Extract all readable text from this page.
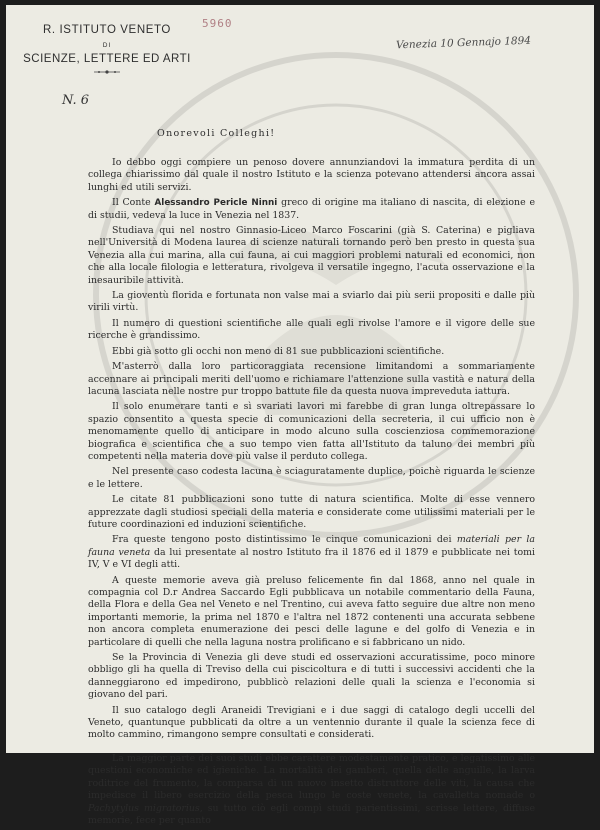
R. ISTITUTO VENETO
DI
SCIENZE, LETTERE ED ARTI
5960
Venezia 10 Gennajo 1894
N. 6
Onorevoli Colleghi!

Io debbo oggi compiere un penoso dovere annunziandovi la immatura perdita di un collega chiarissimo dal quale il nostro Istituto e la scienza potevano attendersi ancora assai lunghi ed utili servizi.

Il Conte Alessandro Pericle Ninni greco di origine ma italiano di nascita, di elezione e di studii, vedeva la luce in Venezia nel 1837.

Studiava qui nel nostro Ginnasio-Liceo Marco Foscarini (già S. Caterina) e pigliava nell'Università di Modena laurea di scienze naturali tornando però ben presto in questa sua Venezia alla cui marina, alla cui fauna, ai cui maggiori problemi naturali ed economici, non che alla locale filologia e letteratura, rivolgeva il versatile ingegno, l'acuta osservazione e la inesauribile attività.

La gioventù florida e fortunata non valse mai a sviarlo dai più serii propositi e dalle più virili virtù.

Il numero di questioni scientifiche alle quali egli rivolse l'amore e il vigore delle sue ricerche è grandissimo.

Ebbi già sotto gli occhi non meno di 81 sue pubblicazioni scientifiche.

M'asterrò dalla loro particoraggiata recensione limitandomi a sommariamente accennare ai principali meriti dell'uomo e richiamare l'attenzione sulla vastità e natura della lacuna lasciata nelle nostre pur troppo battute file da questa nuova impreveduta iattura.

Il solo enumerare tanti e sì svariati lavori mi farebbe di gran lunga oltrepassare lo spazio consentito a questa specie di comunicazioni della secreteria, il cui ufficio non è menomamente quello di anticipare in modo alcuno sulla coscienziosa commemorazione biografica e scientifica che a suo tempo vien fatta all'Istituto da taluno dei membri più competenti nella materia dove più valse il perduto collega.

Nel presente caso codesta lacuna è sciaguratamente duplice, poichè riguarda le scienze e le lettere.

Le citate 81 pubblicazioni sono tutte di natura scientifica. Molte di esse vennero apprezzate dagli studiosi speciali della materia e considerate come utilissimi materiali per le future coordinazioni ed induzioni scientifiche.

Fra queste tengono posto distintissimo le cinque comunicazioni dei materiali per la fauna veneta da lui presentate al nostro Istituto fra il 1876 ed il 1879 e pubblicate nei tomi IV, V e VI degli atti.

A queste memorie aveva già preluso felicemente fin dal 1868, anno nel quale in compagnia col D.r Andrea Saccardo Egli pubblicava un notabile commentario della Fauna, della Flora e della Gea nel Veneto e nel Trentino, cui aveva fatto seguire due altre non meno importanti memorie, la prima nel 1870 e l'altra nel 1872 contenenti una accurata sebbene non ancora completa enumerazione dei pesci delle lagune e del golfo di Venezia e in particolare di quelli che nella laguna nostra prolificano e si fabbricano un nido.

Se la Provincia di Venezia gli deve studi ed osservazioni accuratissime, poco minore obbligo gli ha quella di Treviso della cui piscicoltura e di tutti i successivi accidenti che la danneggiarono ed impedirono, pubblicò relazioni delle quali la scienza e l'economia si giovano del pari.

Il suo catalogo degli Araneidi Trevigiani e i due saggi di catalogo degli uccelli del Veneto, quantunque pubblicati da oltre a un ventennio durante il quale la scienza fece di molto cammino, rimangono sempre consultati e considerati.

La maggior parte dei suoi studi ebbe carattere modestamente pratico, e legatissimo alle questioni economiche ed igieniche. La mortalità dei gamberi, quella delle anguille, la larva roditrice del frumento, la comparsa di un nuovo insetto distruttore delle viti, la causa che impedisce il libero esercizio della pesca lungo le coste venete, la cavalletta nomade o Pachytylus migratorius, su tutto ciò egli compì studi parientissimi, scrisse lettere, diffuse memorie, fece per quanto
